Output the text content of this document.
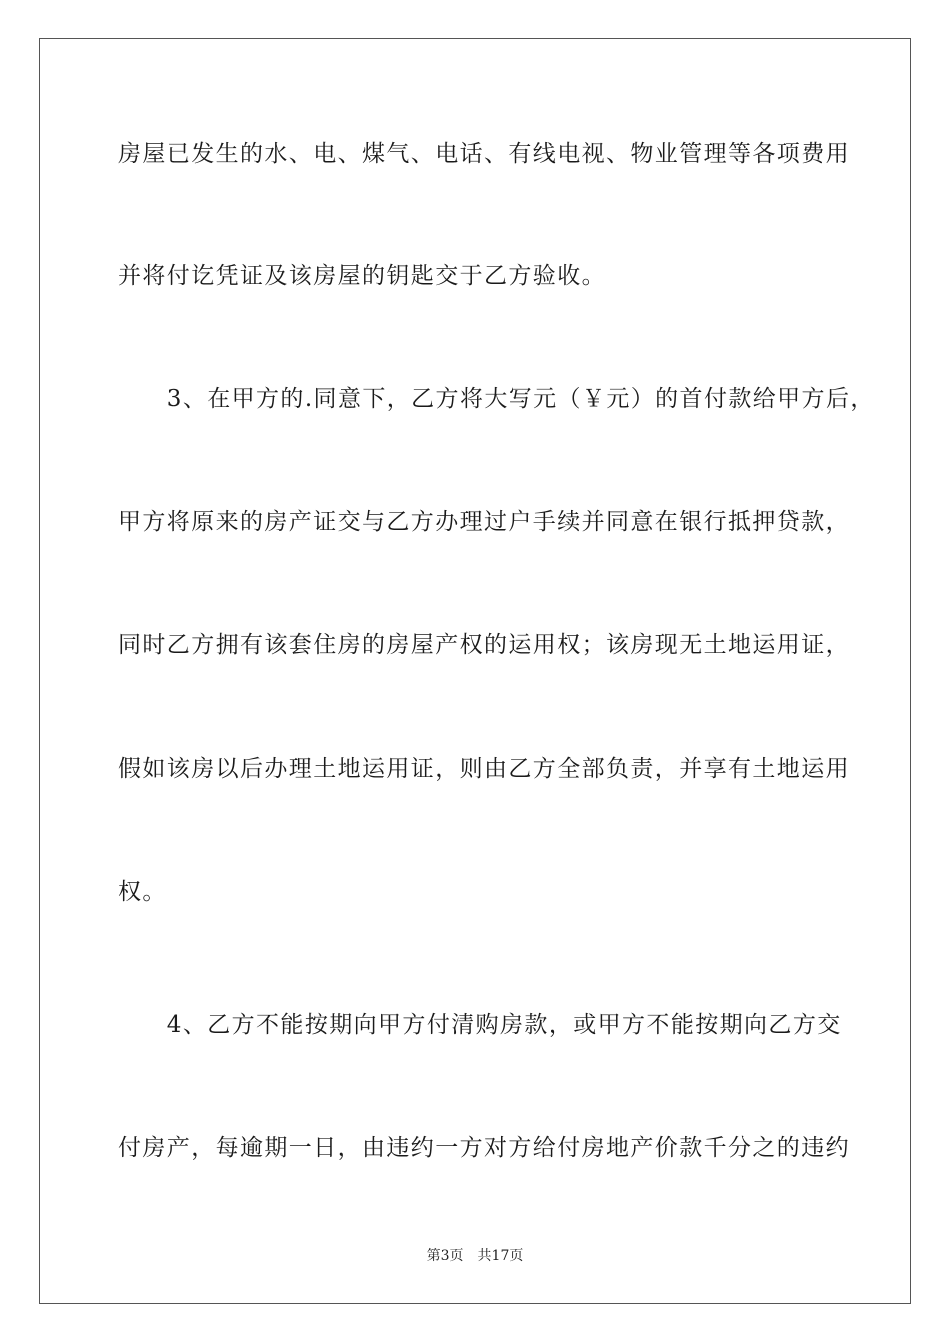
房屋已发生的水、电、煤气、电话、有线电视、物业管理等各项费用
并将付讫凭证及该房屋的钥匙交于乙方验收。
　　3、在甲方的.同意下，乙方将大写元（￥元）的首付款给甲方后，
甲方将原来的房产证交与乙方办理过户手续并同意在银行抵押贷款，
同时乙方拥有该套住房的房屋产权的运用权；该房现无土地运用证，
假如该房以后办理土地运用证，则由乙方全部负责，并享有土地运用
权。
　　4、乙方不能按期向甲方付清购房款，或甲方不能按期向乙方交
付房产，每逾期一日，由违约一方对方给付房地产价款千分之的违约
第3页 共17页
